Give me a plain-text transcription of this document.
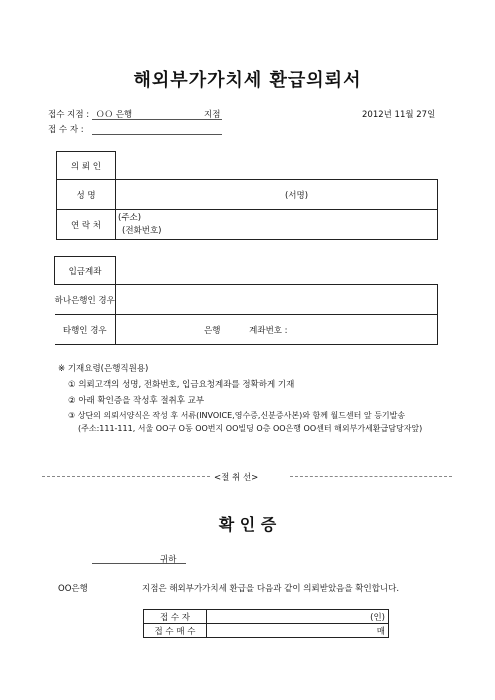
해외부가가치세 환급의뢰서
접수 지점 : ＯＯ 은행	지점	2012년 11월 27일
접 수 자 :
의 뢰 인	
성 명	(서명)

연 락 처	(주소)
(전화번호)
입금계좌	
하나은행인 경우	
타행인 경우	은행 계좌번호 :
※ 기재요령(은행직원용)
① 의뢰고객의 성명, 전화번호, 입금요청계좌를 정확하게 기재
② 아래 확인증을 작성후 절취후 교부
③ 상단의 의뢰서양식은 작성 후 서류(INVOICE,영수증,신분증사본)와 함께 월드센터 앞 등기발송
(주소:111-111, 서울 OO구 O동 OO번지 OO빌딩 O층 OO은행 OO센터 해외부가세환급담당자앞)
<절 취 선>
확 인 증
귀하
OO은행	지점은 해외부가가치세 환급을 다음과 같이 의뢰받았음을 확인합니다.
접 수 자	(인)
접 수 매 수	매
